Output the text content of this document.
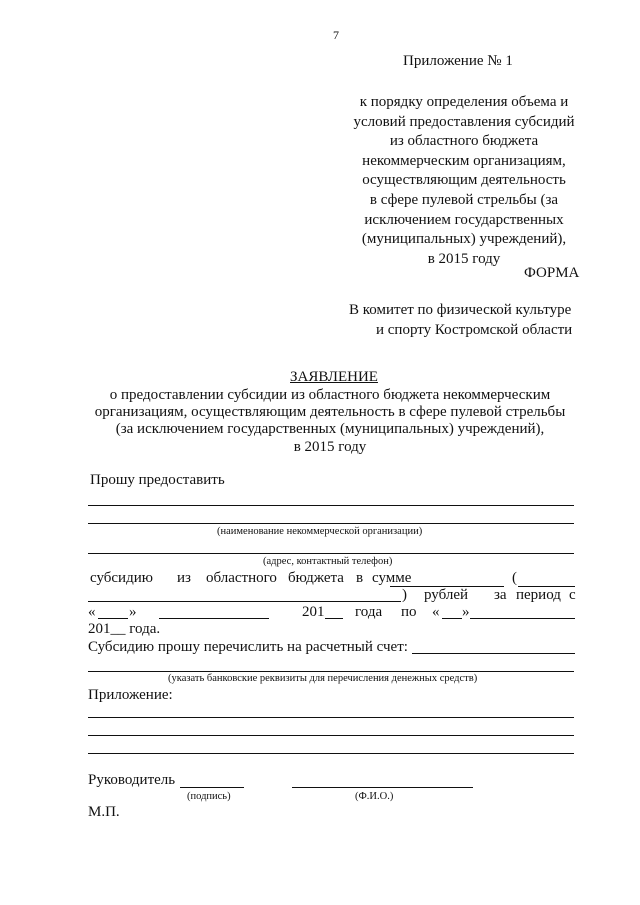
7
Приложение № 1
к порядку определения объема и
условий предоставления субсидий
из областного бюджета
некоммерческим организациям,
осуществляющим деятельность
в сфере пулевой стрельбы (за
исключением государственных
(муниципальных) учреждений),
в 2015 году
ФОРМА
В комитет по физической культуре
и спорту Костромской области
ЗАЯВЛЕНИЕ
о предоставлении субсидии из областного бюджета некоммерческим
организациям, осуществляющим деятельность в сфере пулевой стрельбы
(за исключением государственных (муниципальных) учреждений),
в 2015 году
Прошу предоставить
(наименование некоммерческой организации)
(адрес, контактный телефон)
субсидию из областного бюджета в сумме	(
) рублей за период с
« »	201 года по « »
201__ года.
Субсидию прошу перечислить на расчетный счет:
(указать банковские реквизиты для перечисления денежных средств)
Приложение:
Руководитель
(подпись)	(Ф.И.О.)
М.П.
